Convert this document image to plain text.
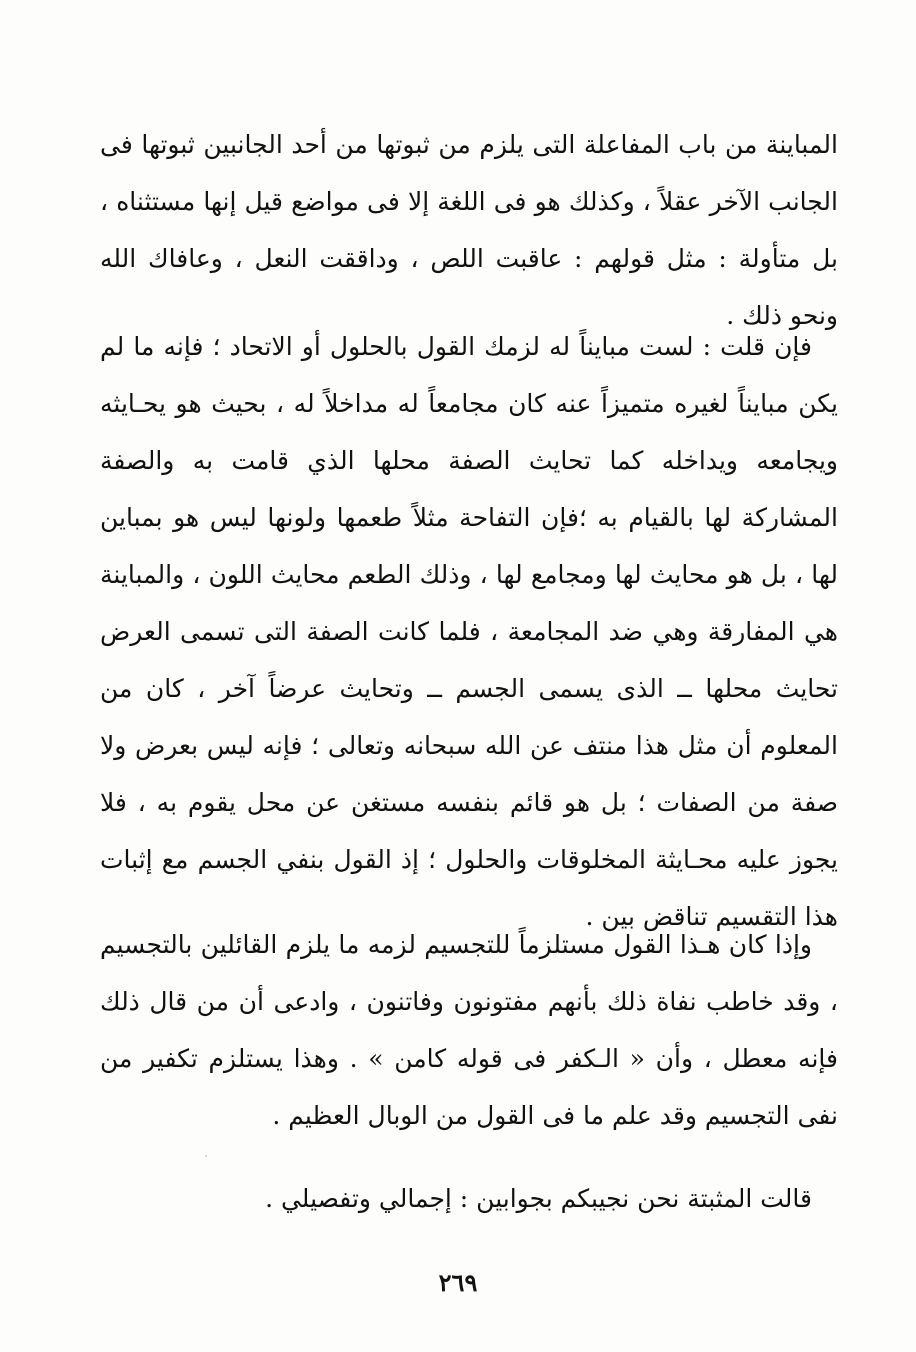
المباينة من باب المفاعلة التى يلزم من ثبوتها من أحد الجانبين ثبوتها فى الجانب الآخر عقلاً ، وكذلك هو فى اللغة إلا فى مواضع قيل إنها مستثناه ، بل متأولة : مثل قولهم : عاقبت اللص ، وداققت النعل ، وعافاك الله ونحو ذلك .

فإن قلت : لست مبايناً له لزمك القول بالحلول أو الاتحاد ؛ فإنه ما لم يكن مبايناً لغيره متميزاً عنه كان مجامعاً له مداخلاً له ، بحيث هو يحـايثه ويجامعه ويداخله كما تحايث الصفة محلها الذي قامت به والصفة المشاركة لها بالقيام به ؛فإن التفاحة مثلاً طعمها ولونها ليس هو بمباين لها ، بل هو محايث لها ومجامع لها ، وذلك الطعم محايث اللون ، والمباينة هي المفارقة وهي ضد المجامعة ، فلما كانت الصفة التى تسمى العرض تحايث محلها ــ الذى يسمى الجسم ــ وتحايث عرضاً آخر ، كان من المعلوم أن مثل هذا منتف عن الله سبحانه وتعالى ؛ فإنه ليس بعرض ولا صفة من الصفات ؛ بل هو قائم بنفسه مستغن عن محل يقوم به ، فلا يجوز عليه محـايثة المخلوقات والحلول ؛ إذ القول بنفي الجسم مع إثبات هذا التقسيم تناقض بين .

وإذا كان هـذا القول مستلزماً للتجسيم لزمه ما يلزم القائلين بالتجسيم ، وقد خاطب نفاة ذلك بأنهم مفتونون وفاتنون ، وادعى أن من قال ذلك فإنه معطل ، وأن « الـكفر فى قوله كامن » . وهذا يستلزم تكفير من نفى التجسيم وقد علم ما فى القول من الوبال العظيم .

قالت المثبتة نحن نجيبكم بجوابين : إجمالي وتفصيلي .

٢٦٩
